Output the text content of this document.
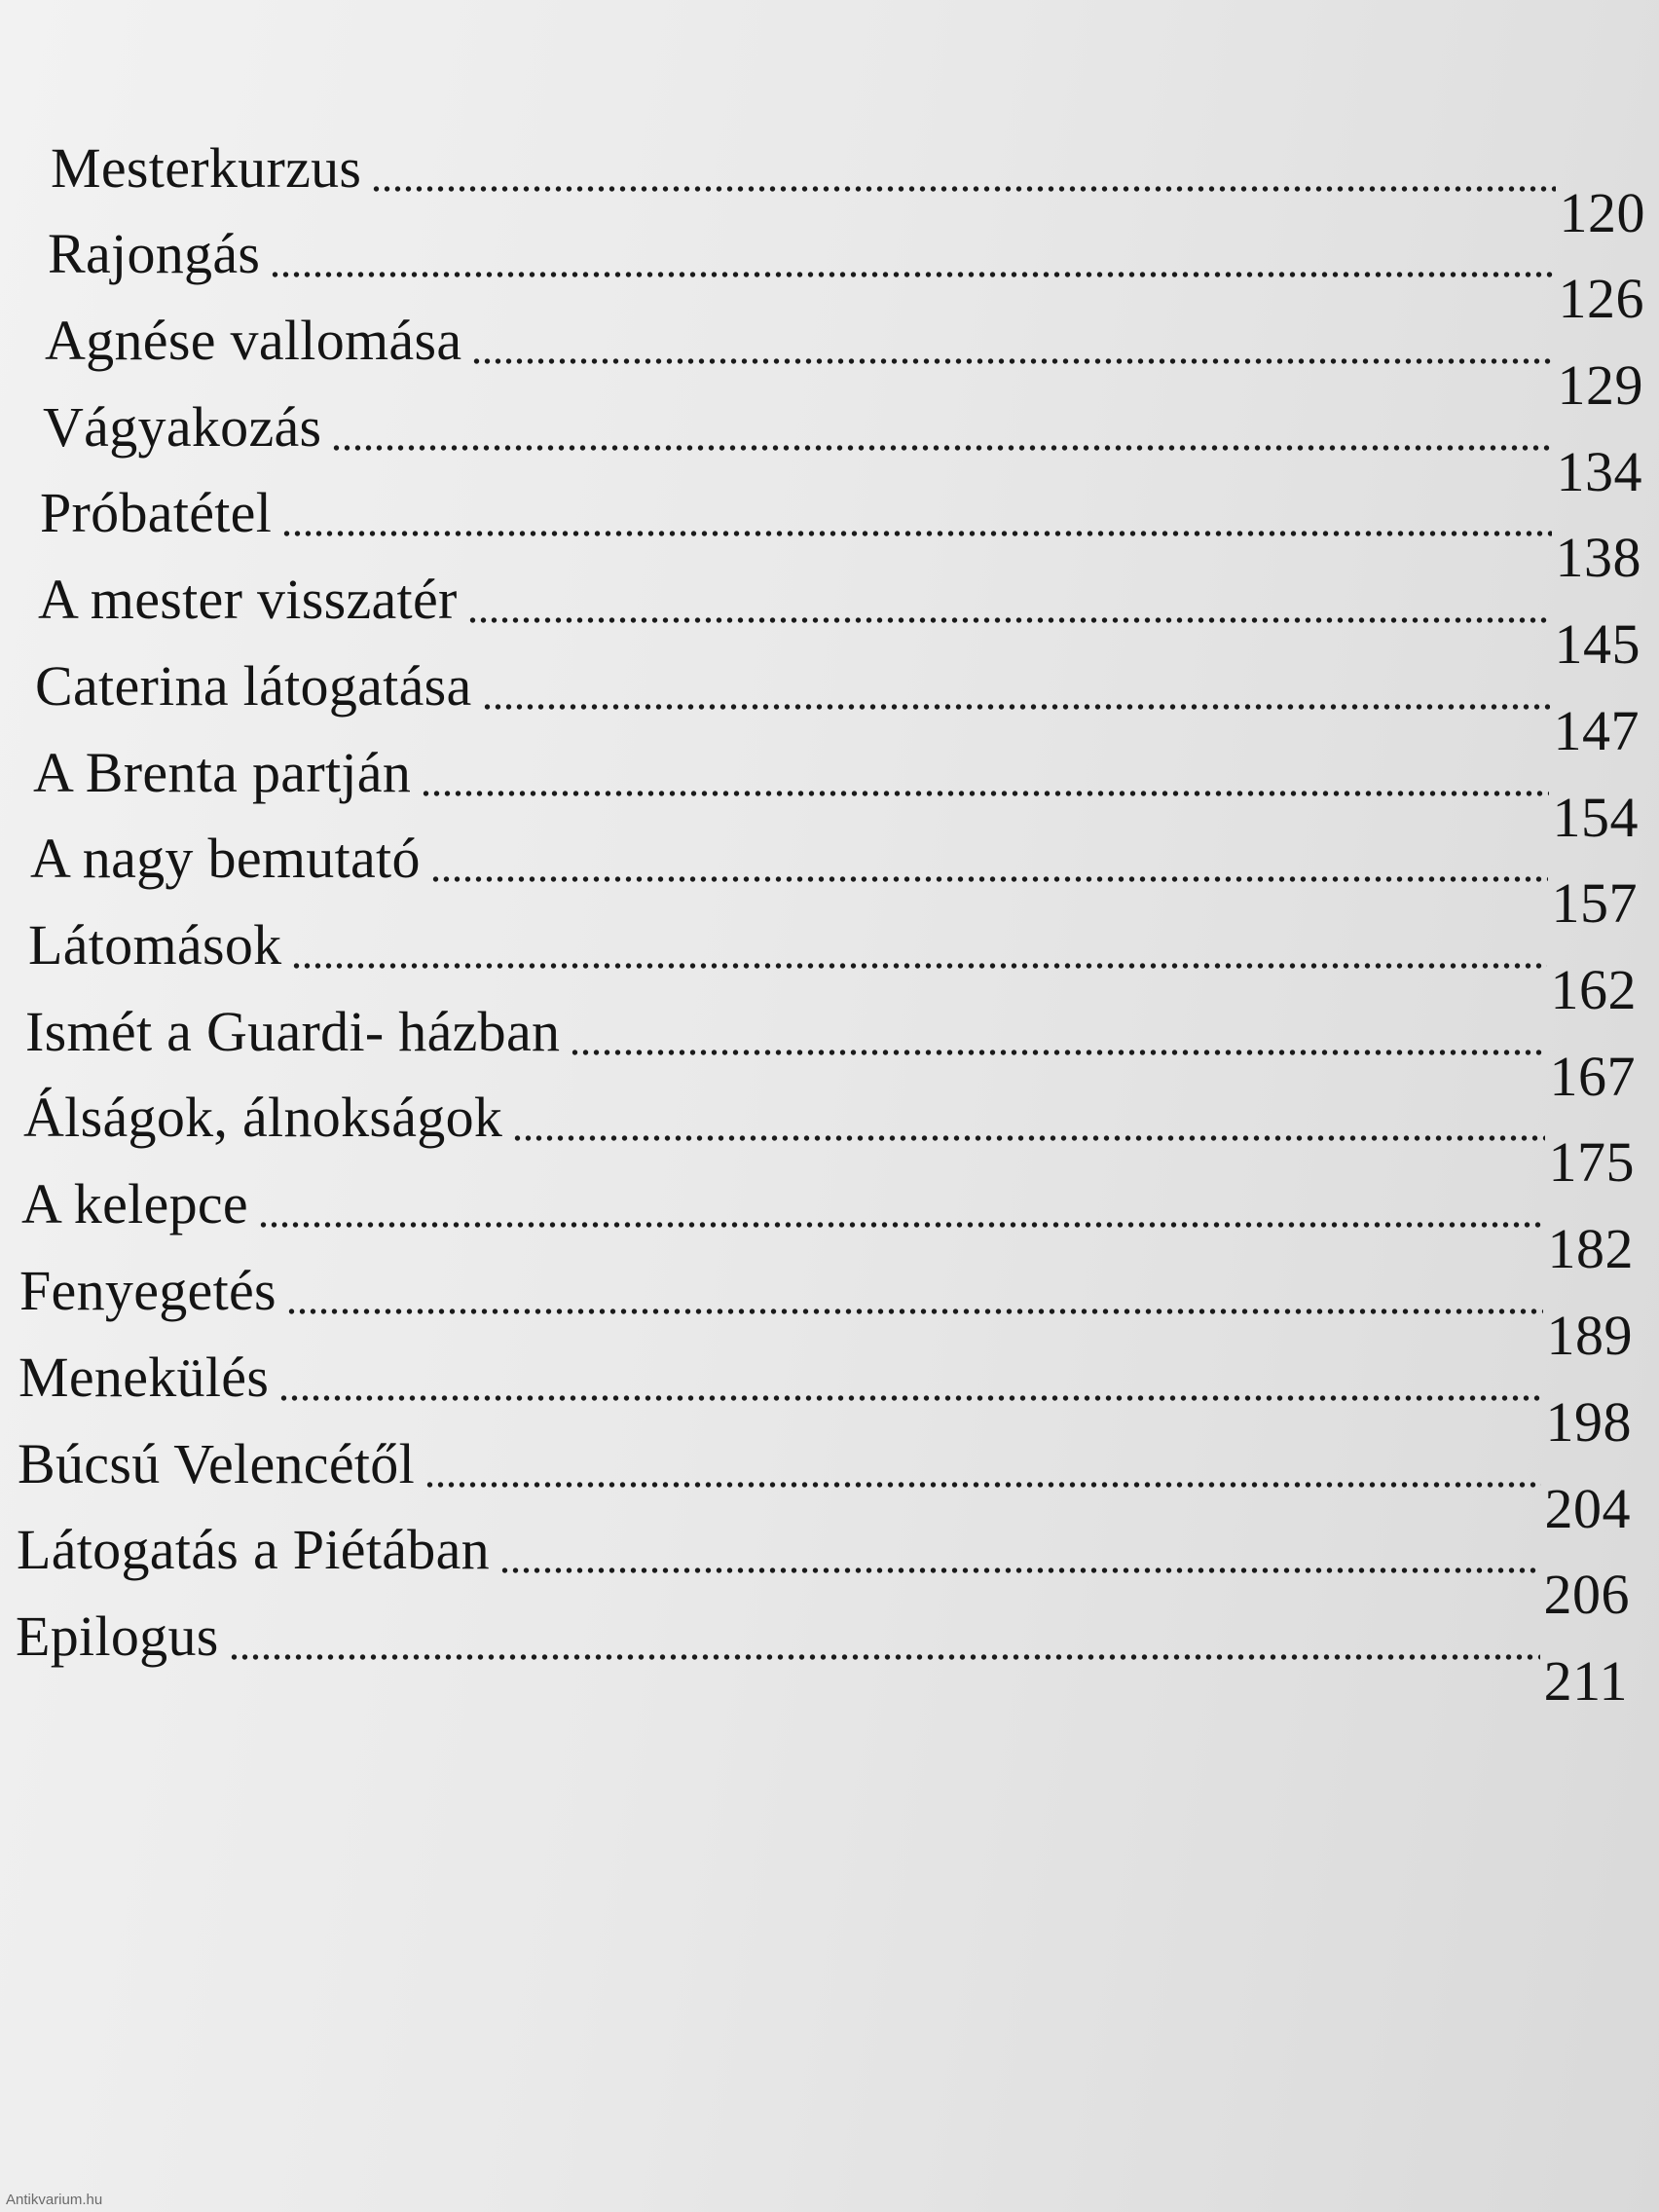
Mesterkurzus
120
Rajongás
126
Agnése vallomása
129
Vágyakozás
134
Próbatétel
138
A mester visszatér
145
Caterina látogatása
147
A Brenta partján
154
A nagy bemutató
157
Látomások
162
Ismét a Guardi- házban
167
Álságok, álnokságok
175
A kelepce
182
Fenyegetés
189
Menekülés
198
Búcsú Velencétől
204
Látogatás a Piétában
206
Epilogus
211
Antikvarium.hu
